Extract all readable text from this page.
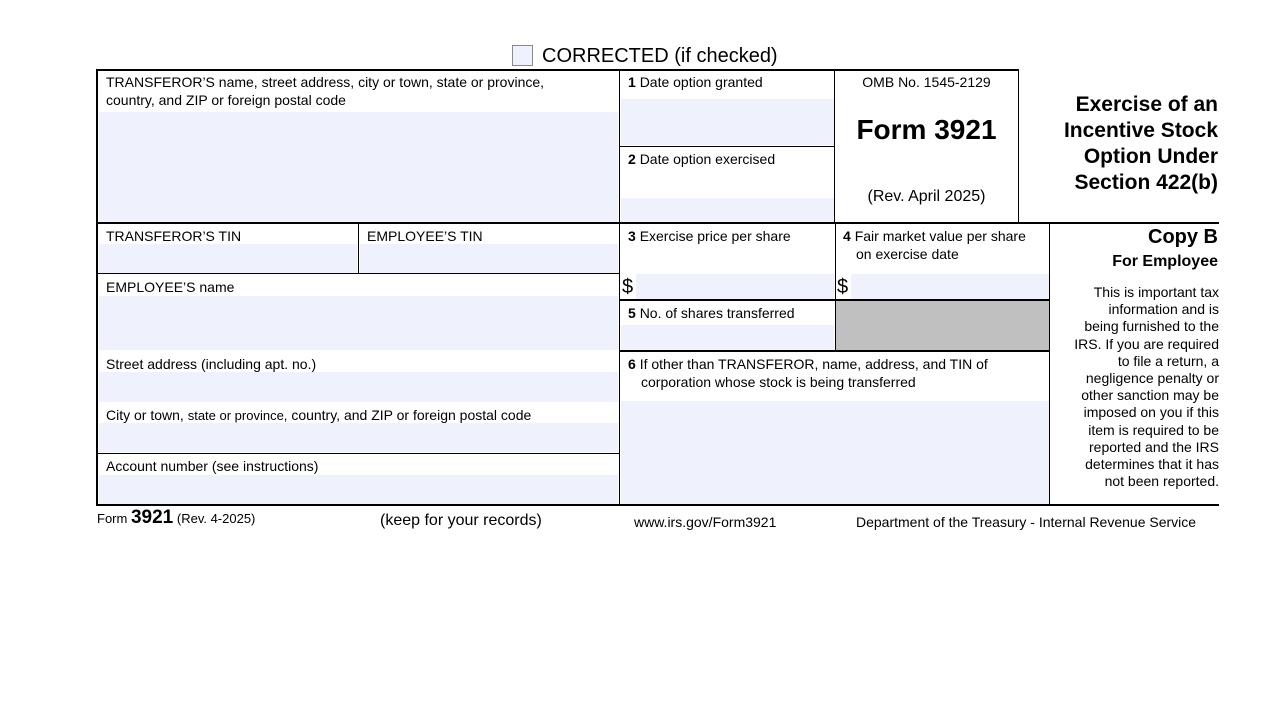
CORRECTED (if checked)
TRANSFEROR’S name, street address, city or town, state or province,
country, and ZIP or foreign postal code
1 Date option granted
2 Date option exercised
OMB No. 1545-2129
Form 3921
(Rev. April 2025)
Exercise of an
Incentive Stock
Option Under
Section 422(b)
TRANSFEROR’S TIN	EMPLOYEE’S TIN
EMPLOYEE’S name
Street address (including apt. no.)
City or town, state or province, country, and ZIP or foreign postal code
Account number (see instructions)
3 Exercise price per share
$
4 Fair market value per share
on exercise date
$
5 No. of shares transferred
6 If other than TRANSFEROR, name, address, and TIN of
corporation whose stock is being transferred
Copy B
For Employee
This is important tax
information and is
being furnished to the
IRS. If you are required
to file a return, a
negligence penalty or
other sanction may be
imposed on you if this
item is required to be
reported and the IRS
determines that it has
not been reported.
Form 3921 (Rev. 4-2025)	(keep for your records)	www.irs.gov/Form3921	Department of the Treasury - Internal Revenue Service
